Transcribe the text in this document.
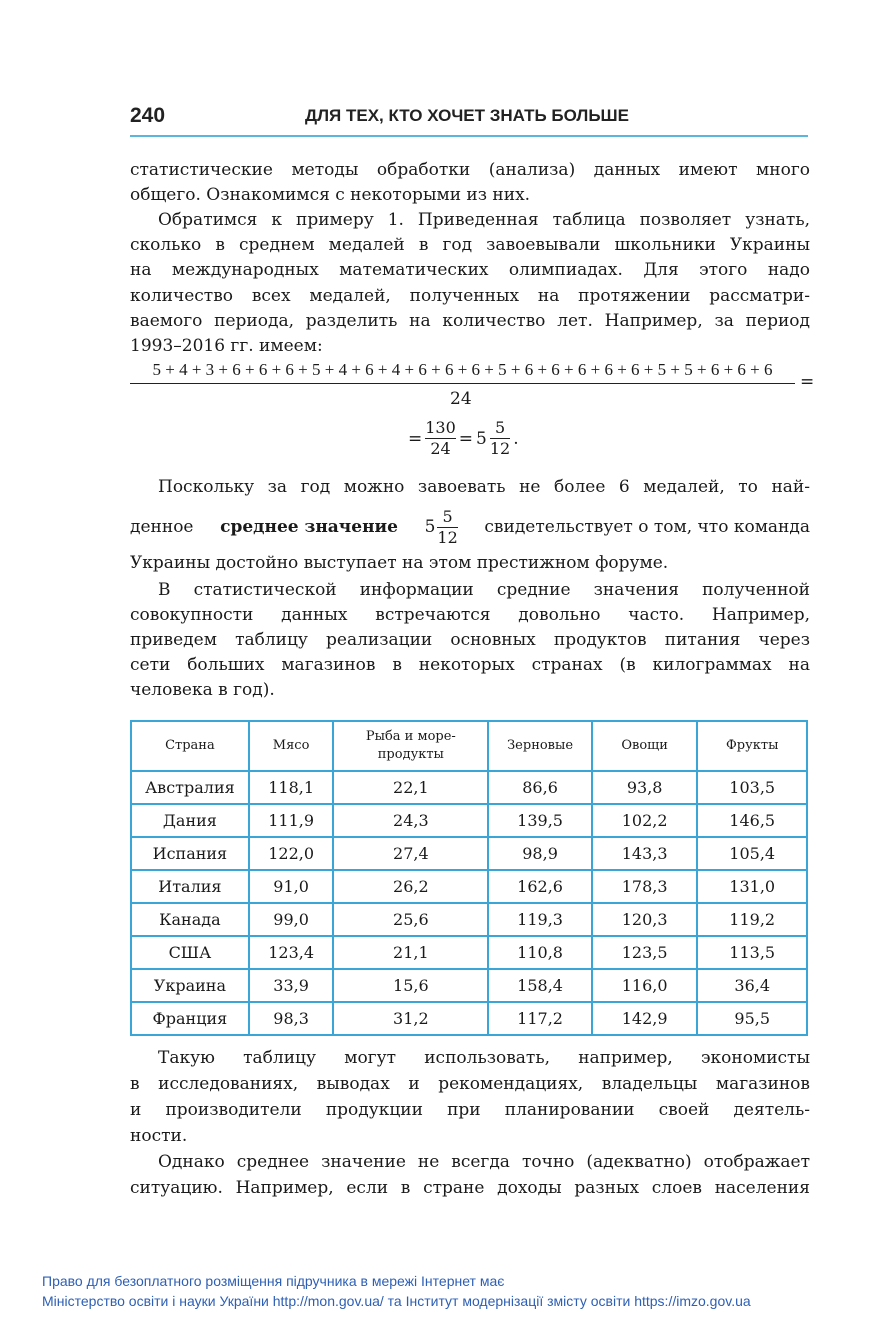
240	ДЛЯ ТЕХ, КТО ХОЧЕТ ЗНАТЬ БОЛЬШЕ
статистические методы обработки (анализа) данных имеют много
общего. Ознакомимся с некоторыми из них.
Обратимся к примеру 1. Приведенная таблица позволяет узнать,
сколько в среднем медалей в год завоевывали школьники Украины
на международных математических олимпиадах. Для этого надо
количество всех медалей, полученных на протяжении рассматри-
ваемого периода, разделить на количество лет. Например, за период
1993–2016 гг. имеем:
5 + 4 + 3 + 6 + 6 + 6 + 5 + 4 + 6 + 4 + 6 + 6 + 6 + 5 + 6 + 6 + 6 + 6 + 6 + 5 + 5 + 6 + 6 + 6
=
24
= $\frac{130}{24} = 5 \frac{5}{12}$ .
Поскольку за год можно завоевать не более 6 медалей, то най-
денное среднее значение $5 \frac{5}{12}$ свидетельствует о том, что команда
Украины достойно выступает на этом престижном форуме.
В статистической информации средние значения полученной
совокупности данных встречаются довольно часто. Например,
приведем таблицу реализации основных продуктов питания через
сети больших магазинов в некоторых странах (в килограммах на
человека в год).
Страна	Мясо	Рыба и море-продукты	Зерновые	Овощи	Фрукты
Австралия	118,1	22,1	86,6	93,8	103,5
Дания	111,9	24,3	139,5	102,2	146,5
Испания	122,0	27,4	98,9	143,3	105,4
Италия	91,0	26,2	162,6	178,3	131,0
Канада	99,0	25,6	119,3	120,3	119,2
США	123,4	21,1	110,8	123,5	113,5
Украина	33,9	15,6	158,4	116,0	36,4
Франция	98,3	31,2	117,2	142,9	95,5
Такую таблицу могут использовать, например, экономисты
в исследованиях, выводах и рекомендациях, владельцы магазинов
и производители продукции при планировании своей деятель-
ности.
Однако среднее значение не всегда точно (адекватно) отображает
ситуацию. Например, если в стране доходы разных слоев населения
Право для безоплатного розміщення підручника в мережі Інтернет має
Міністерство освіти і науки України http://mon.gov.ua/ та Інститут модернізації змісту освіти https://imzo.gov.ua
